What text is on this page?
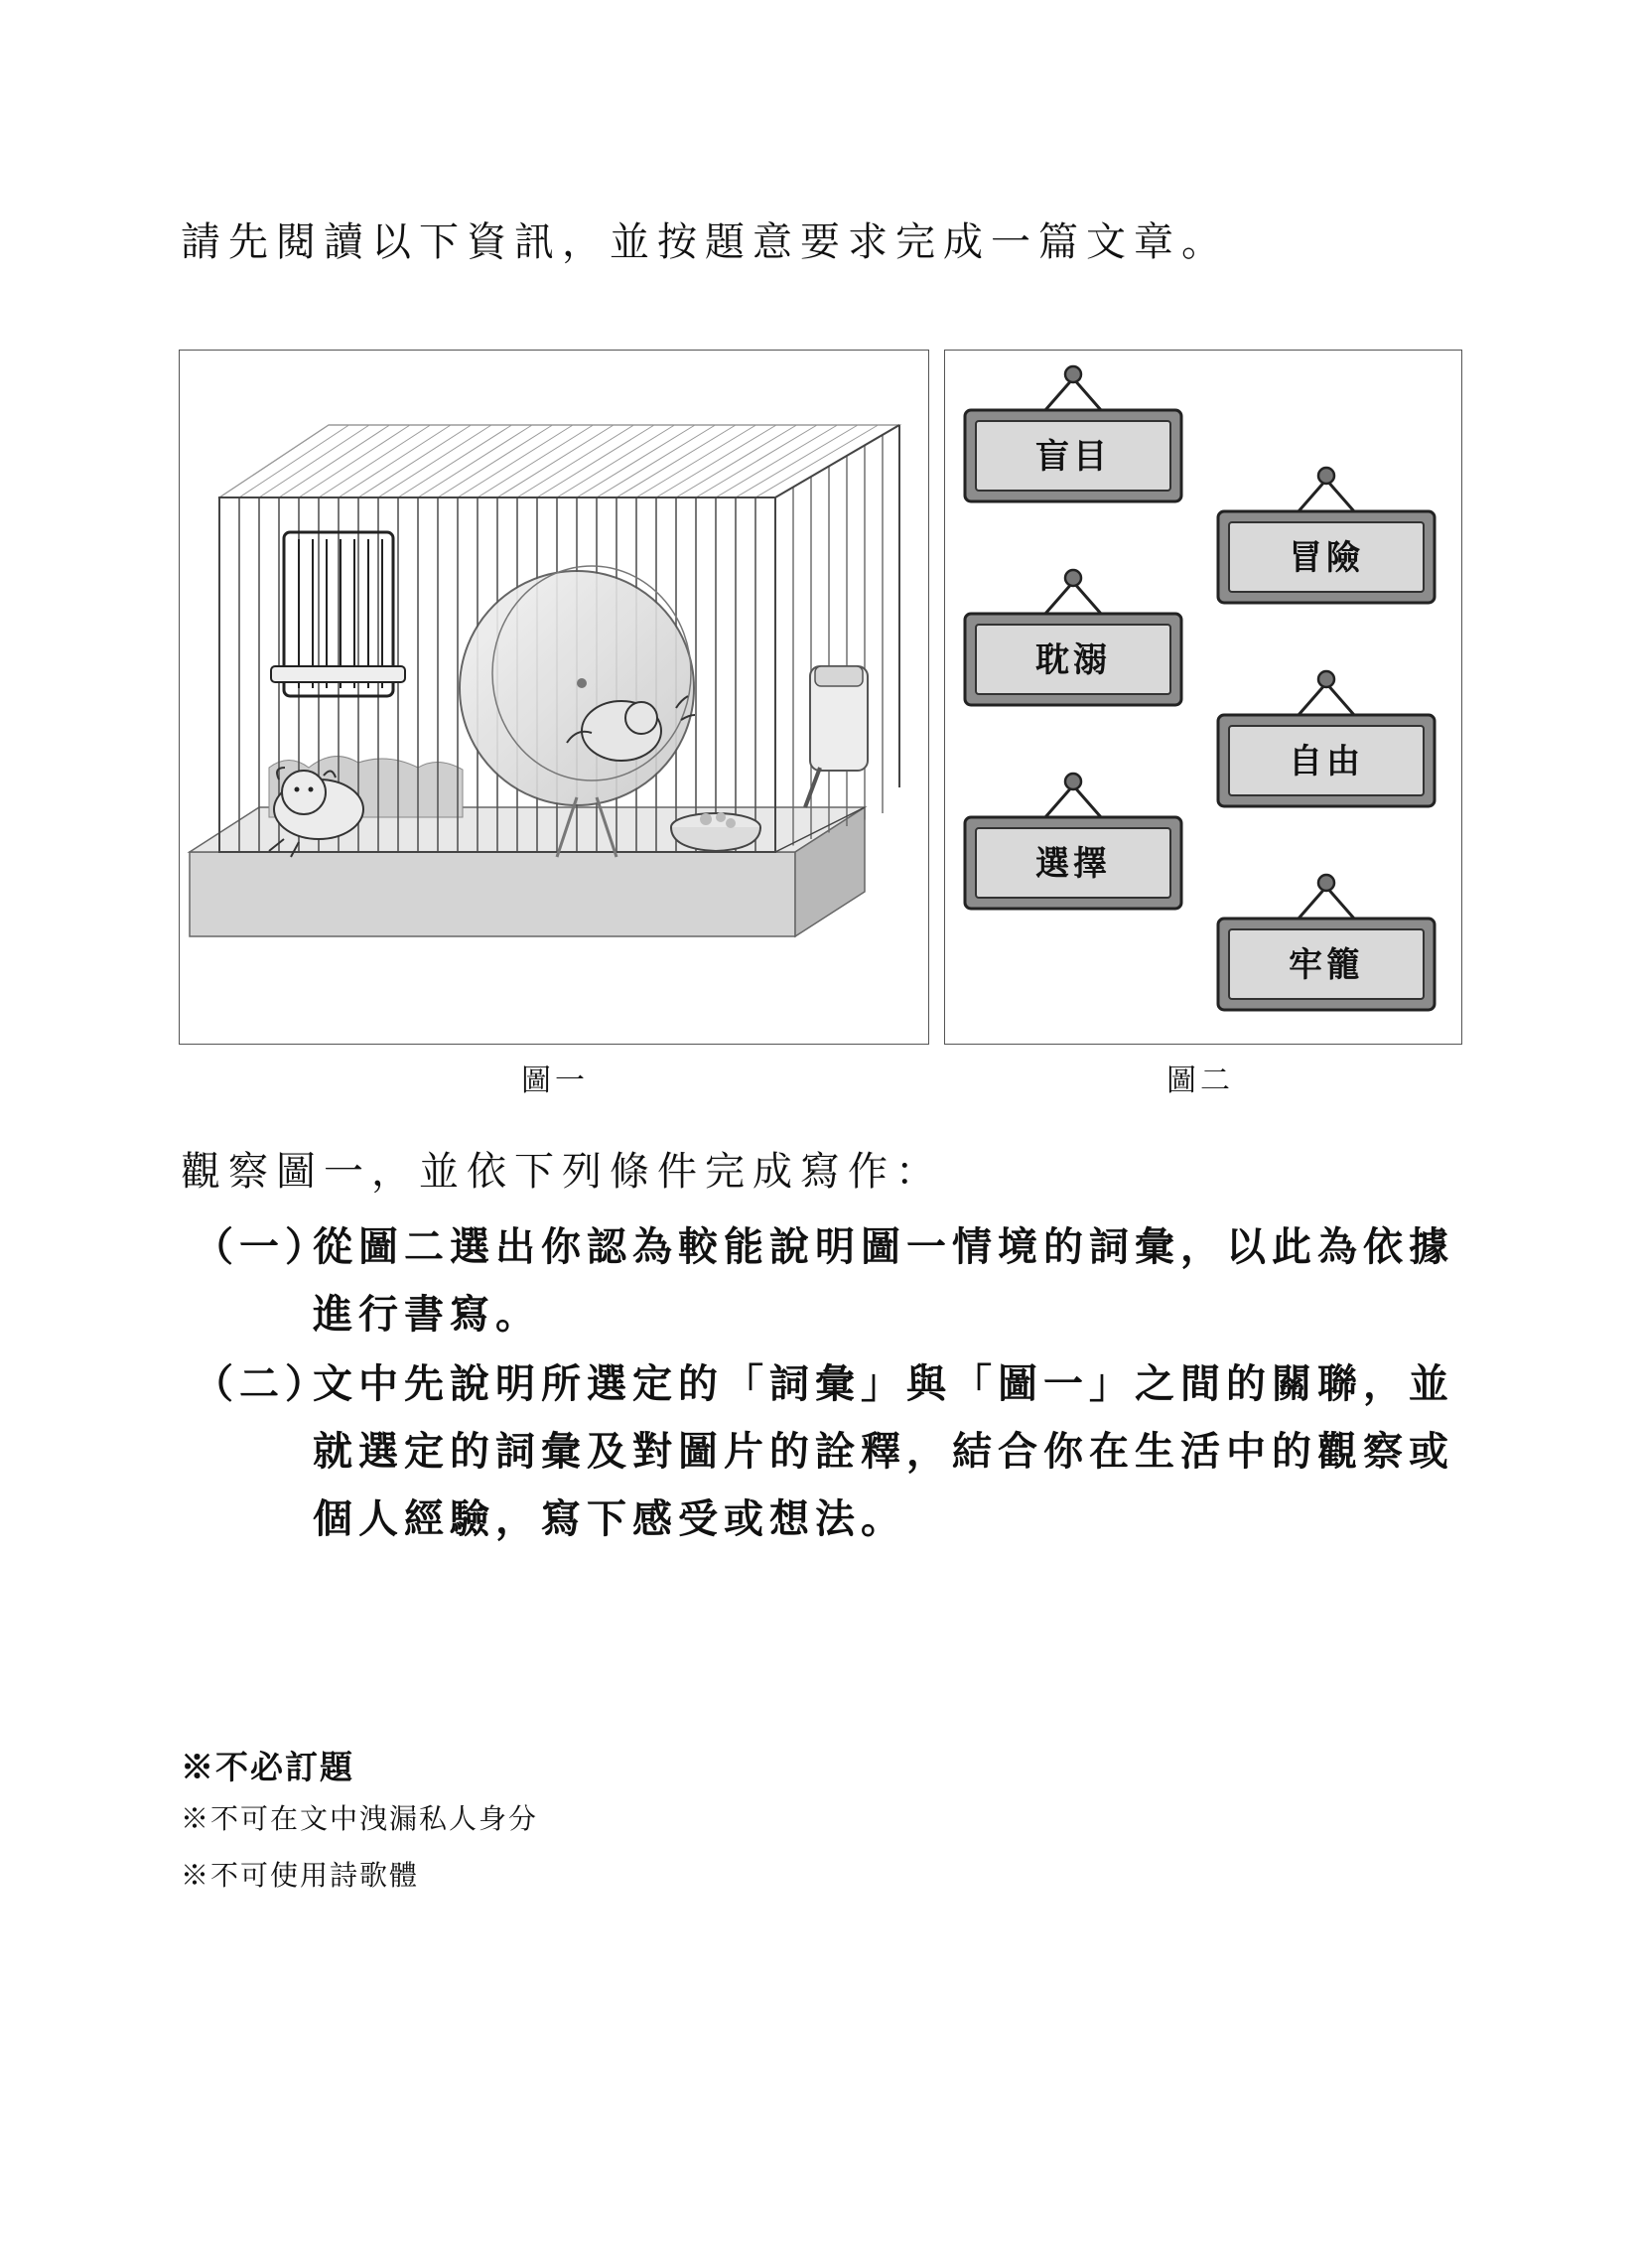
請先閱讀以下資訊，並按題意要求完成一篇文章。
圖一
盲目
冒險
耽溺
自由
選擇
牢籠
圖二
觀察圖一，並依下列條件完成寫作：
（一）
從圖二選出你認為較能說明圖一情境的詞彙，以此為依據進行書寫。
（二）
文中先說明所選定的「詞彙」與「圖一」之間的關聯，並就選定的詞彙及對圖片的詮釋，結合你在生活中的觀察或個人經驗，寫下感受或想法。
※不必訂題
※不可在文中洩漏私人身分
※不可使用詩歌體
